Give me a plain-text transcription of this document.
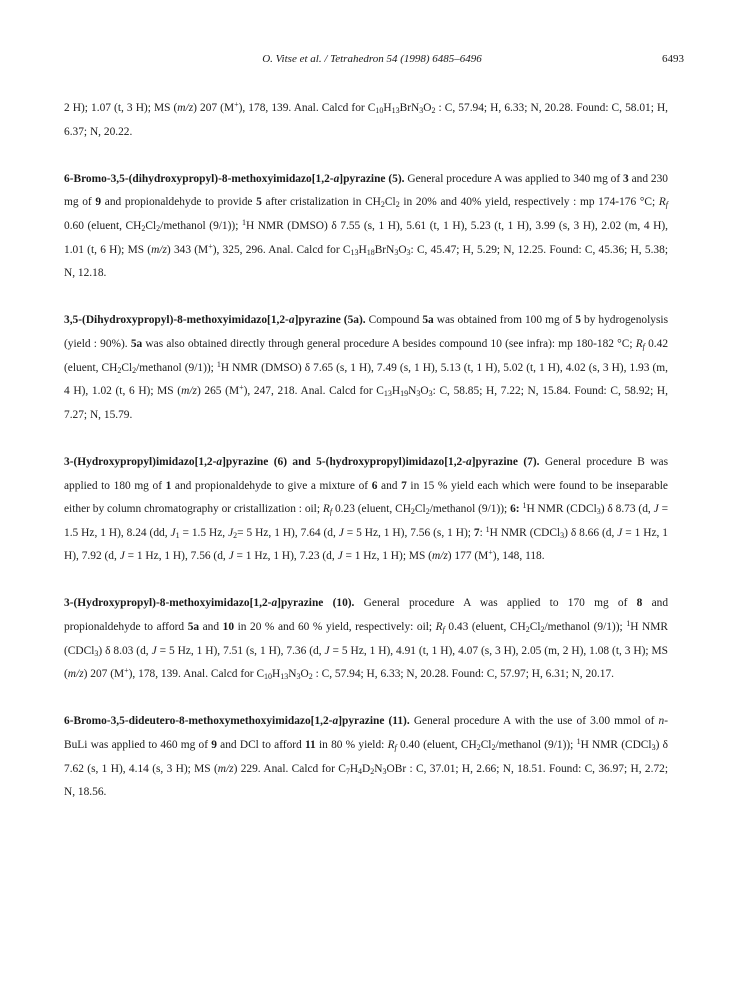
O. Vitse et al. / Tetrahedron 54 (1998) 6485–6496	6493

2 H); 1.07 (t, 3 H); MS (m/z) 207 (M+), 178, 139. Anal. Calcd for $C_{10}H_{13}BrN_3O_2$ : C, 57.94; H, 6.33; N, 20.28. Found: C, 58.01; H, 6.37; N, 20.22.

6-Bromo-3,5-(dihydroxypropyl)-8-methoxyimidazo[1,2-a]pyrazine (5). General procedure A was applied to 340 mg of 3 and 230 mg of 9 and propionaldehyde to provide 5 after cristalization in $CH_2Cl_2$ in 20% and 40% yield, respectively : mp 174-176 °C; $R_f$ 0.60 (eluent, $CH_2Cl_2$/methanol (9/1)); $^1$H NMR (DMSO) δ 7.55 (s, 1 H), 5.61 (t, 1 H), 5.23 (t, 1 H), 3.99 (s, 3 H), 2.02 (m, 4 H), 1.01 (t, 6 H); MS (m/z) 343 (M+), 325, 296. Anal. Calcd for $C_{13}H_{18}BrN_3O_3$: C, 45.47; H, 5.29; N, 12.25. Found: C, 45.36; H, 5.38; N, 12.18.

3,5-(Dihydroxypropyl)-8-methoxyimidazo[1,2-a]pyrazine (5a). Compound 5a was obtained from 100 mg of 5 by hydrogenolysis (yield : 90%). 5a was also obtained directly through general procedure A besides compound 10 (see infra): mp 180-182 °C; $R_f$ 0.42 (eluent, $CH_2Cl_2$/methanol (9/1)); $^1$H NMR (DMSO) δ 7.65 (s, 1 H), 7.49 (s, 1 H), 5.13 (t, 1 H), 5.02 (t, 1 H), 4.02 (s, 3 H), 1.93 (m, 4 H), 1.02 (t, 6 H); MS (m/z) 265 (M+), 247, 218. Anal. Calcd for $C_{13}H_{19}N_3O_3$: C, 58.85; H, 7.22; N, 15.84. Found: C, 58.92; H, 7.27; N, 15.79.

3-(Hydroxypropyl)imidazo[1,2-a]pyrazine (6) and 5-(hydroxypropyl)imidazo[1,2-a]pyrazine (7). General procedure B was applied to 180 mg of 1 and propionaldehyde to give a mixture of 6 and 7 in 15 % yield each which were found to be inseparable either by column chromatography or cristallization : oil; $R_f$ 0.23 (eluent, $CH_2Cl_2$/methanol (9/1)); 6: $^1$H NMR (CDCl$_3$) δ 8.73 (d, J = 1.5 Hz, 1 H), 8.24 (dd, $J_1 = 1.5$ Hz, $J_2= 5$ Hz, 1 H), 7.64 (d, J = 5 Hz, 1 H), 7.56 (s, 1 H); 7: $^1$H NMR (CDCl$_3$) δ 8.66 (d, J = 1 Hz, 1 H), 7.92 (d, J = 1 Hz, 1 H), 7.56 (d, J = 1 Hz, 1 H), 7.23 (d, J = 1 Hz, 1 H); MS (m/z) 177 (M+), 148, 118.

3-(Hydroxypropyl)-8-methoxyimidazo[1,2-a]pyrazine (10). General procedure A was applied to 170 mg of 8 and propionaldehyde to afford 5a and 10 in 20 % and 60 % yield, respectively: oil; $R_f$ 0.43 (eluent, $CH_2Cl_2$/methanol (9/1)); $^1$H NMR (CDCl$_3$) δ 8.03 (d, J = 5 Hz, 1 H), 7.51 (s, 1 H), 7.36 (d, J = 5 Hz, 1 H), 4.91 (t, 1 H), 4.07 (s, 3 H), 2.05 (m, 2 H), 1.08 (t, 3 H); MS (m/z) 207 (M+), 178, 139. Anal. Calcd for $C_{10}H_{13}N_3O_2$ : C, 57.94; H, 6.33; N, 20.28. Found: C, 57.97; H, 6.31; N, 20.17.

6-Bromo-3,5-dideutero-8-methoxymethoxyimidazo[1,2-a]pyrazine (11). General procedure A with the use of 3.00 mmol of n-BuLi was applied to 460 mg of 9 and DCl to afford 11 in 80 % yield: $R_f$ 0.40 (eluent, $CH_2Cl_2$/methanol (9/1)); $^1$H NMR (CDCl$_3$) δ 7.62 (s, 1 H), 4.14 (s, 3 H); MS (m/z) 229. Anal. Calcd for $C_7H_4D_2N_3OBr$ : C, 37.01; H, 2.66; N, 18.51. Found: C, 36.97; H, 2.72; N, 18.56.
